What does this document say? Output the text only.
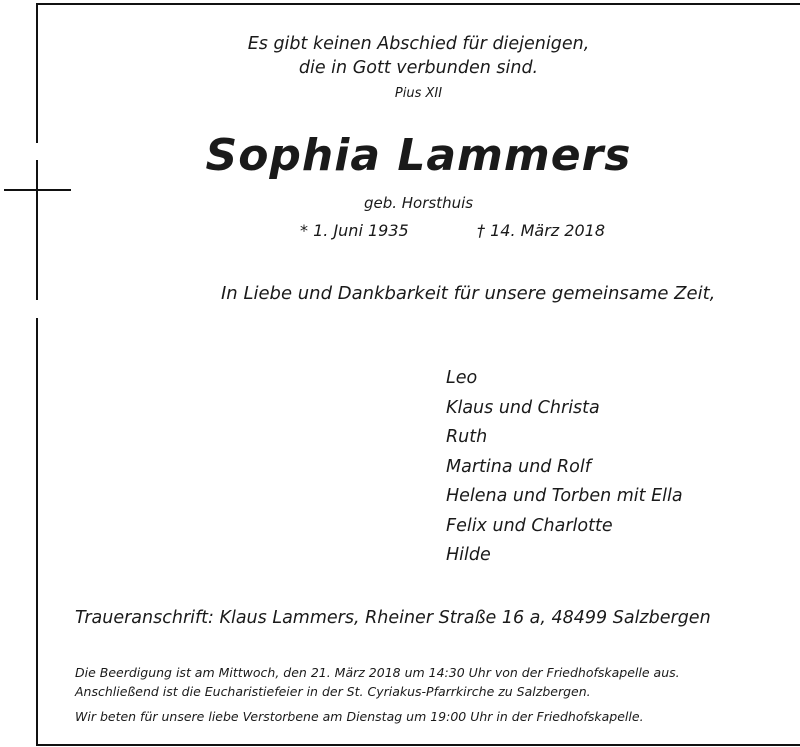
Es gibt keinen Abschied für diejenigen,

die in Gott verbunden sind.

Pius XII

Sophia Lammers

geb. Horsthuis

* 1. Juni 1935	† 14. März 2018

In Liebe und Dankbarkeit für unsere gemeinsame Zeit,

Leo
Klaus und Christa
Ruth
Martina und Rolf
Helena und Torben mit Ella
Felix und Charlotte
Hilde

Traueranschrift: Klaus Lammers, Rheiner Straße 16 a, 48499 Salzbergen

Die Beerdigung ist am Mittwoch, den 21. März 2018 um 14:30 Uhr von der Friedhofskapelle aus.

Anschließend ist die Eucharistiefeier in der St. Cyriakus-Pfarrkirche zu Salzbergen.

Wir beten für unsere liebe Verstorbene am Dienstag um 19:00 Uhr in der Friedhofskapelle.
